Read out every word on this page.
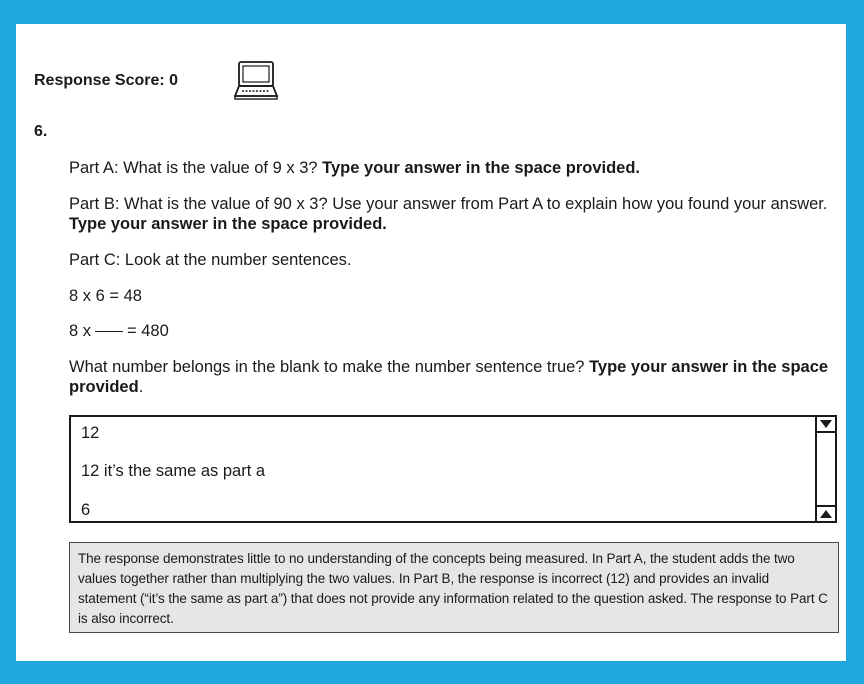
Response Score: 0
6.
Part A: What is the value of 9 x 3? Type your answer in the space provided.
Part B: What is the value of 90 x 3? Use your answer from Part A to explain how you found your answer. Type your answer in the space provided.
Part C: Look at the number sentences.
8 x 6 = 48
8 x = 480
What number belongs in the blank to make the number sentence true? Type your answer in the space provided.
12
12 it’s the same as part a
6
The response demonstrates little to no understanding of the concepts being measured. In Part A, the student adds the two values together rather than multiplying the two values. In Part B, the response is incorrect (12) and provides an invalid statement (“it’s the same as part a”) that does not provide any information related to the question asked. The response to Part C is also incorrect.
